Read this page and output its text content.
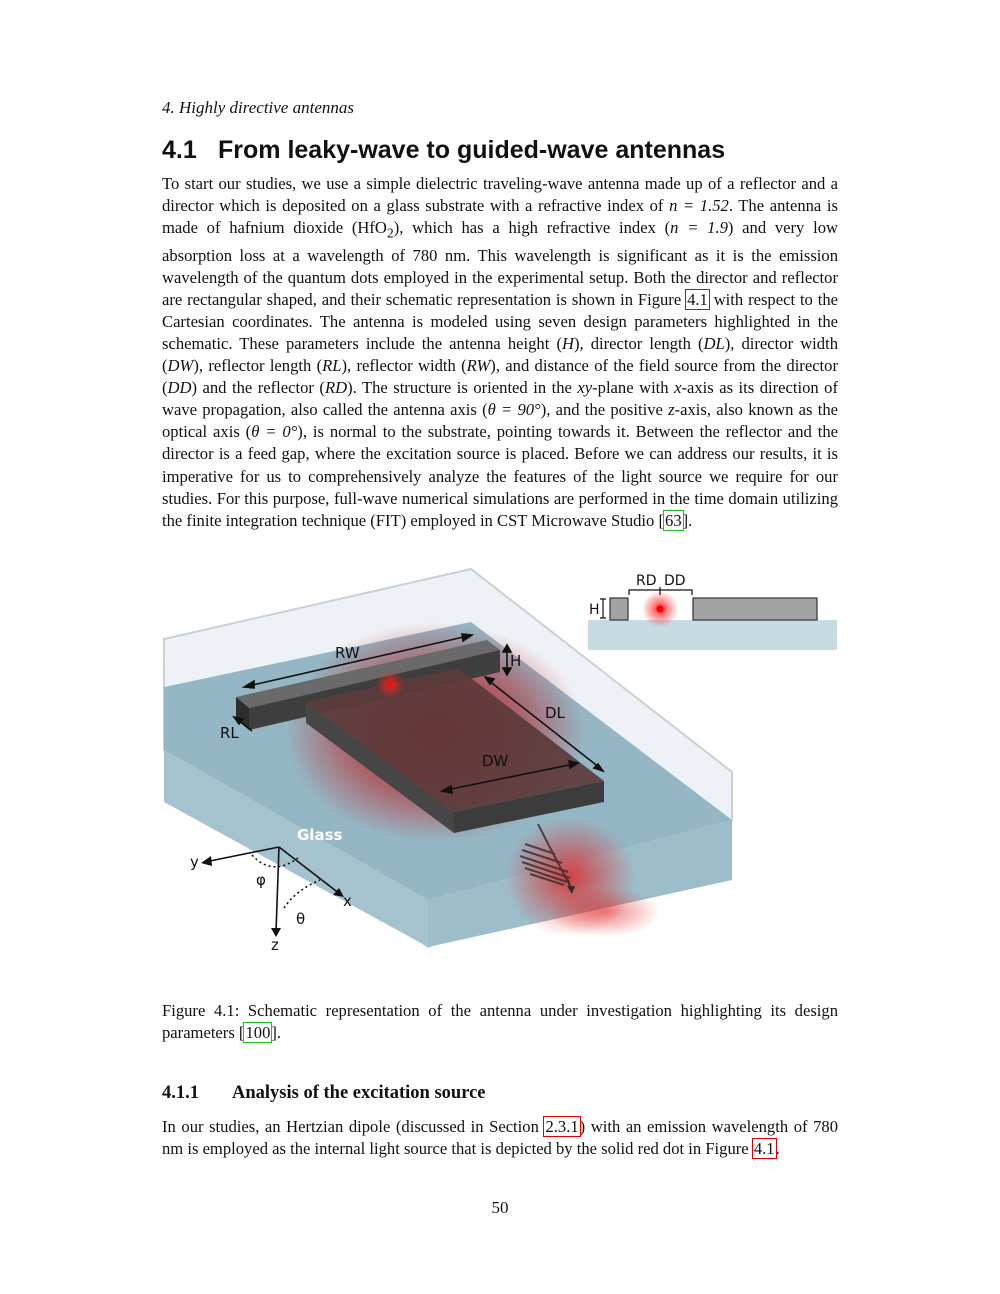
4. Highly directive antennas
4.1 From leaky-wave to guided-wave antennas

To start our studies, we use a simple dielectric traveling-wave antenna made up of a reflector and a director which is deposited on a glass substrate with a refractive index of n = 1.52. The antenna is made of hafnium dioxide (HfO$_2$), which has a high refractive index (n = 1.9) and very low absorption loss at a wavelength of 780 nm. This wavelength is significant as it is the emission wavelength of the quantum dots employed in the experimental setup. Both the director and reflector are rectangular shaped, and their schematic representation is shown in Figure 4.1 with respect to the Cartesian coordinates. The antenna is modeled using seven design parameters highlighted in the schematic. These parameters include the antenna height (H), director length (DL), director width (DW), reflector length (RL), reflector width (RW), and distance of the field source from the director (DD) and the reflector (RD). The structure is oriented in the xy-plane with x-axis as its direction of wave propagation, also called the antenna axis (θ = 90°), and the positive z-axis, also known as the optical axis (θ = 0°), is normal to the substrate, pointing towards it. Between the reflector and the director is a feed gap, where the excitation source is placed. Before we can address our results, it is imperative for us to comprehensively analyze the features of the light source we require for our studies. For this purpose, full-wave numerical simulations are performed in the time domain utilizing the finite integration technique (FIT) employed in CST Microwave Studio [63].

RW	H
DL
DW
RL
Glass
y
x
z
φ
θ
RD DD
H

Figure 4.1: Schematic representation of the antenna under investigation highlighting its design parameters [100].

4.1.1 Analysis of the excitation source

In our studies, an Hertzian dipole (discussed in Section 2.3.1) with an emission wavelength of 780 nm is employed as the internal light source that is depicted by the solid red dot in Figure 4.1.

50
